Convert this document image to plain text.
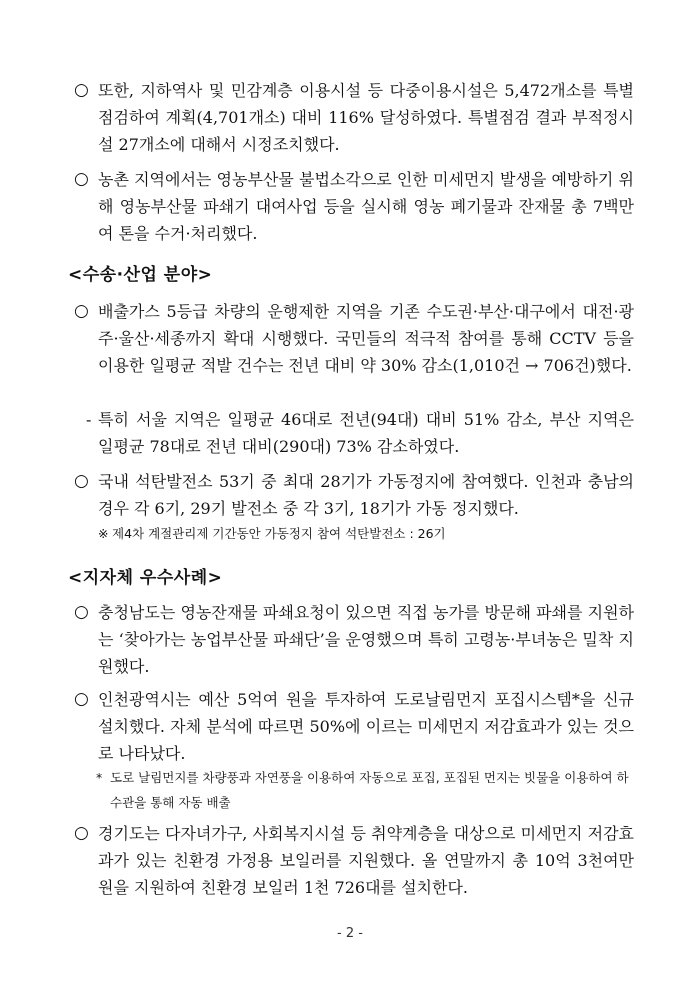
○ 또한, 지하역사 및 민감계층 이용시설 등 다중이용시설은 5,472개소를 특별점검하여 계획(4,701개소) 대비 116% 달성하였다. 특별점검 결과 부적정시설 27개소에 대해서 시정조치했다.
○ 농촌 지역에서는 영농부산물 불법소각으로 인한 미세먼지 발생을 예방하기 위해 영농부산물 파쇄기 대여사업 등을 실시해 영농 폐기물과 잔재물 총 7백만여 톤을 수거·처리했다.
<수송·산업 분야>
○ 배출가스 5등급 차량의 운행제한 지역을 기존 수도권·부산·대구에서 대전·광주·울산·세종까지 확대 시행했다. 국민들의 적극적 참여를 통해 CCTV 등을 이용한 일평균 적발 건수는 전년 대비 약 30% 감소(1,010건 → 706건)했다.
- 특히 서울 지역은 일평균 46대로 전년(94대) 대비 51% 감소, 부산 지역은 일평균 78대로 전년 대비(290대) 73% 감소하였다.
○ 국내 석탄발전소 53기 중 최대 28기가 가동정지에 참여했다. 인천과 충남의 경우 각 6기, 29기 발전소 중 각 3기, 18기가 가동 정지했다.
※ 제4차 계절관리제 기간동안 가동정지 참여 석탄발전소 : 26기
<지자체 우수사례>
○ 충청남도는 영농잔재물 파쇄요청이 있으면 직접 농가를 방문해 파쇄를 지원하는 ‘찾아가는 농업부산물 파쇄단’을 운영했으며 특히 고령농·부녀농은 밀착 지원했다.
○ 인천광역시는 예산 5억여 원을 투자하여 도로날림먼지 포집시스템*을 신규 설치했다. 자체 분석에 따르면 50%에 이르는 미세먼지 저감효과가 있는 것으로 나타났다.
* 도로 날림먼지를 차량풍과 자연풍을 이용하여 자동으로 포집, 포집된 먼지는 빗물을 이용하여 하수관을 통해 자동 배출
○ 경기도는 다자녀가구, 사회복지시설 등 취약계층을 대상으로 미세먼지 저감효과가 있는 친환경 가정용 보일러를 지원했다. 올 연말까지 총 10억 3천여만 원을 지원하여 친환경 보일러 1천 726대를 설치한다.
- 2 -
